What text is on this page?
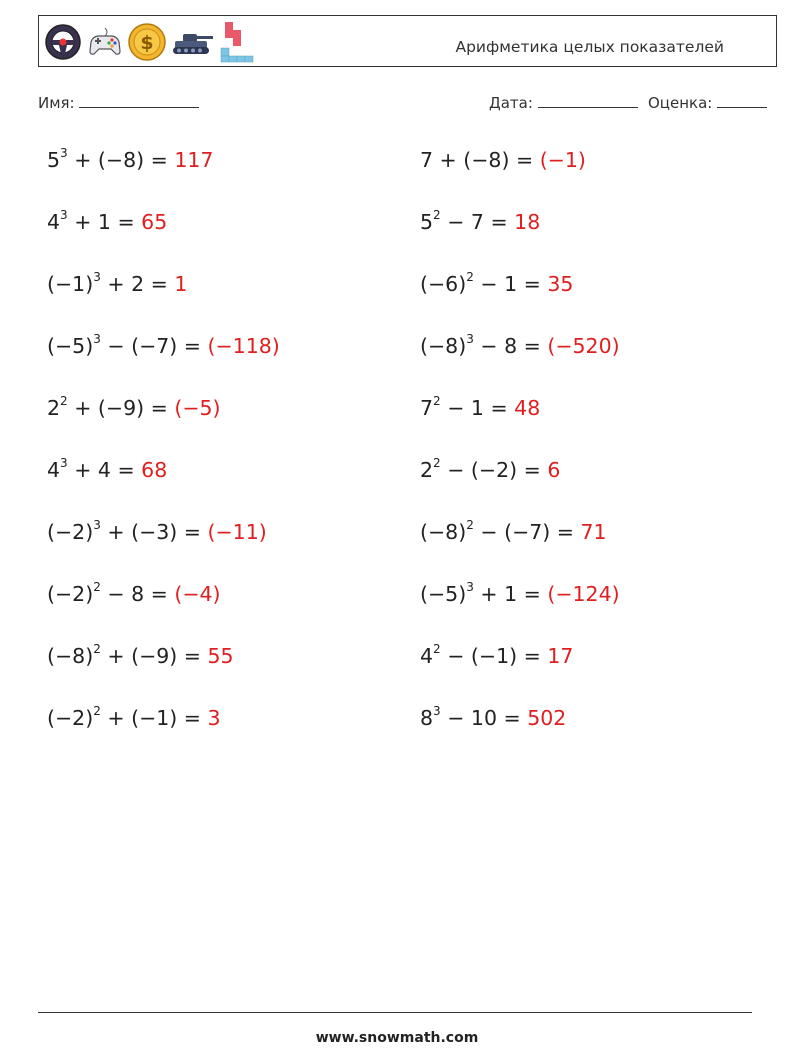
$	Арифметика целых показателей
Имя:	Дата:	Оценка:
$5^3 + (-8) = 117$	7 + (−8) = (−1)
$4^3 + 1 = 65$	$5^2 - 7 = 18$
$(-1)^3 + 2 = 1$	$(-6)^2 - 1 = 35$
$(-5)^3 - (-7) = (-118)$	$(-8)^3 - 8 = (-520)$
$2^2 + (-9) = (-5)$	$7^2 - 1 = 48$
$4^3 + 4 = 68$	$2^2 - (-2) = 6$
$(-2)^3 + (-3) = (-11)$	$(-8)^2 - (-7) = 71$
$(-2)^2 - 8 = (-4)$	$(-5)^3 + 1 = (-124)$
$(-8)^2 + (-9) = 55$	$4^2 - (-1) = 17$
$(-2)^2 + (-1) = 3$	$8^3 - 10 = 502$
www.snowmath.com
